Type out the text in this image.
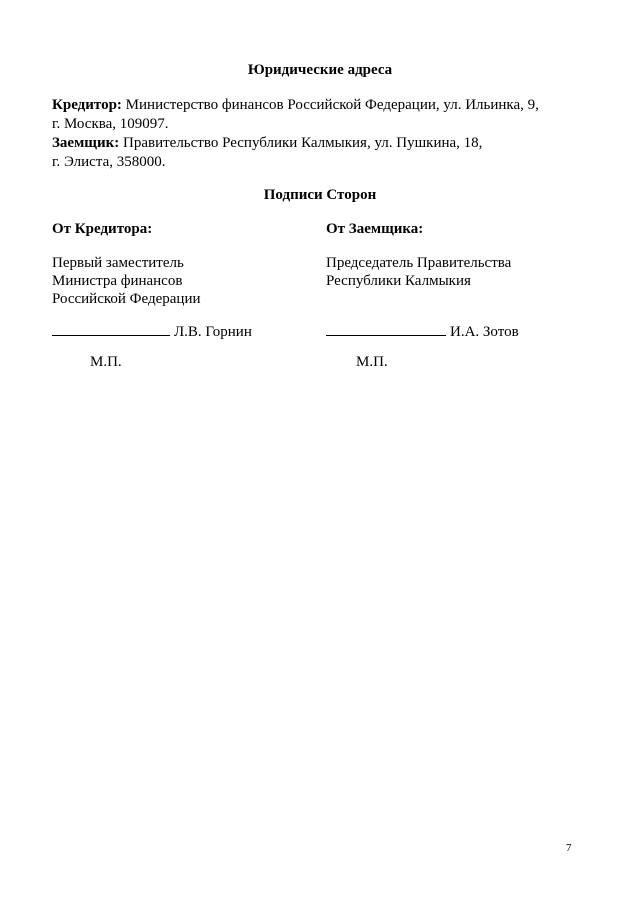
Юридические адреса
Кредитор: Министерство финансов Российской Федерации, ул. Ильинка, 9,
г. Москва, 109097.
Заемщик: Правительство Республики Калмыкия, ул. Пушкина, 18,
г. Элиста, 358000.
Подписи Сторон
От Кредитора:
Первый заместитель
Министра финансов
Российской Федерации
Л.В. Горнин
М.П.
От Заемщика:
Председатель Правительства
Республики Калмыкия
И.А. Зотов
М.П.
7
